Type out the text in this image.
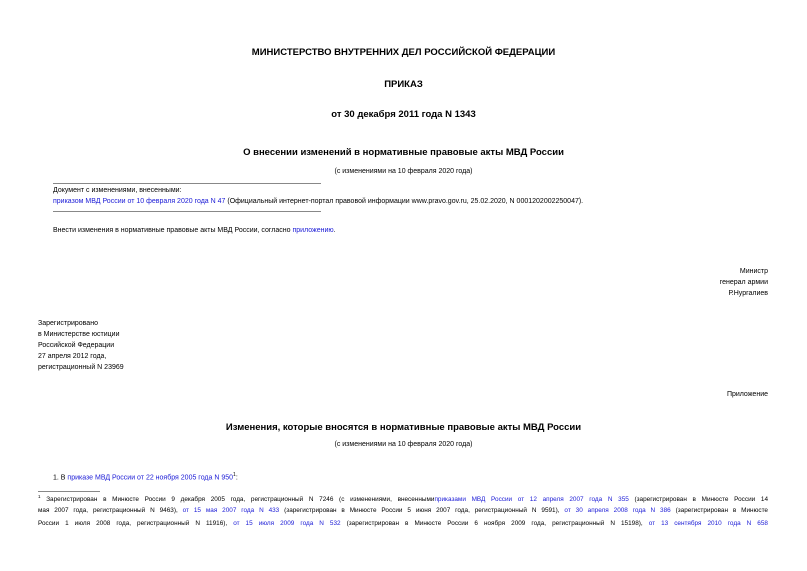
МИНИСТЕРСТВО ВНУТРЕННИХ ДЕЛ РОССИЙСКОЙ ФЕДЕРАЦИИ
ПРИКАЗ
от 30 декабря 2011 года N 1343
О внесении изменений в нормативные правовые акты МВД России
(с изменениями на 10 февраля 2020 года)
Документ с изменениями, внесенными:
приказом МВД России от 10 февраля 2020 года N 47 (Официальный интернет-портал правовой информации www.pravo.gov.ru, 25.02.2020, N 0001202002250047).
Внести изменения в нормативные правовые акты МВД России, согласно приложению.
Министр
генерал армии
Р.Нургалиев
Зарегистрировано
в Министерстве юстиции
Российской Федерации
27 апреля 2012 года,
регистрационный N 23969
Приложение
Изменения, которые вносятся в нормативные правовые акты МВД России
(с изменениями на 10 февраля 2020 года)
1. В приказе МВД России от 22 ноября 2005 года N $950^1$:
$^1$ Зарегистрирован в Минюсте России 9 декабря 2005 года, регистрационный N 7246 (с изменениями, внесеннымиприказами МВД России от 12 апреля 2007 года N 355 (зарегистрирован в Минюсте России 14
мая 2007 года, регистрационный N 9463), от 15 мая 2007 года N 433 (зарегистрирован в Минюсте России 5 июня 2007 года, регистрационный N 9591), от 30 апреля 2008 года N 386 (зарегистрирован в Минюсте
России 1 июля 2008 года, регистрационный N 11916), от 15 июля 2009 года N 532 (зарегистрирован в Минюсте России 6 ноября 2009 года, регистрационный N 15198), от 13 сентября 2010 года N 658
